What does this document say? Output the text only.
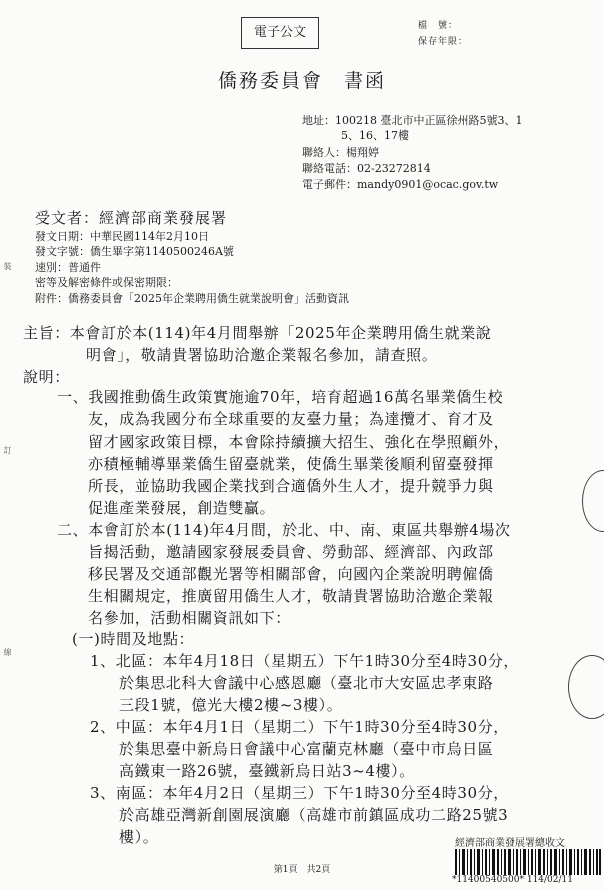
電子公文	檔　號：
保存年限：
僑務委員會　書函
地址：100218 臺北市中正區徐州路5號3、1
5、16、17樓
聯絡人：楊翔婷
聯絡電話：02-23272814
電子郵件：mandy0901@ocac.gov.tw
受文者：經濟部商業發展署
發文日期：中華民國114年2月10日
發文字號：僑生畢字第1140500246A號
速別：普通件
密等及解密條件或保密期限：
附件：僑務委員會「2025年企業聘用僑生就業說明會」活動資訊
主旨：本會訂於本(114)年4月間舉辦「2025年企業聘用僑生就業說
明會」，敬請貴署協助洽邀企業報名參加，請查照。
說明：
一、我國推動僑生政策實施逾70年，培育超過16萬名畢業僑生校
友，成為我國分布全球重要的友臺力量；為達攬才、育才及
留才國家政策目標，本會除持續擴大招生、強化在學照顧外，
亦積極輔導畢業僑生留臺就業，使僑生畢業後順利留臺發揮
所長，並協助我國企業找到合適僑外生人才，提升競爭力與
促進產業發展，創造雙贏。
二、本會訂於本(114)年4月間，於北、中、南、東區共舉辦4場次
旨揭活動，邀請國家發展委員會、勞動部、經濟部、內政部
移民署及交通部觀光署等相關部會，向國內企業說明聘僱僑
生相關規定，推廣留用僑生人才，敬請貴署協助洽邀企業報
名參加，活動相關資訊如下：
(一)時間及地點：
1、北區：本年4月18日（星期五）下午1時30分至4時30分，
於集思北科大會議中心感恩廳（臺北市大安區忠孝東路
三段1號，億光大樓2樓~3樓）。
2、中區：本年4月1日（星期二）下午1時30分至4時30分，
於集思臺中新烏日會議中心富蘭克林廳（臺中市烏日區
高鐵東一路26號，臺鐵新烏日站3~4樓）。
3、南區：本年4月2日（星期三）下午1時30分至4時30分，
於高雄亞灣新創園展演廳（高雄市前鎮區成功二路25號3
樓）。
裝
訂
線
第1頁　共2頁
經濟部商業發展署總收文
*11400540500* 114/02/11
